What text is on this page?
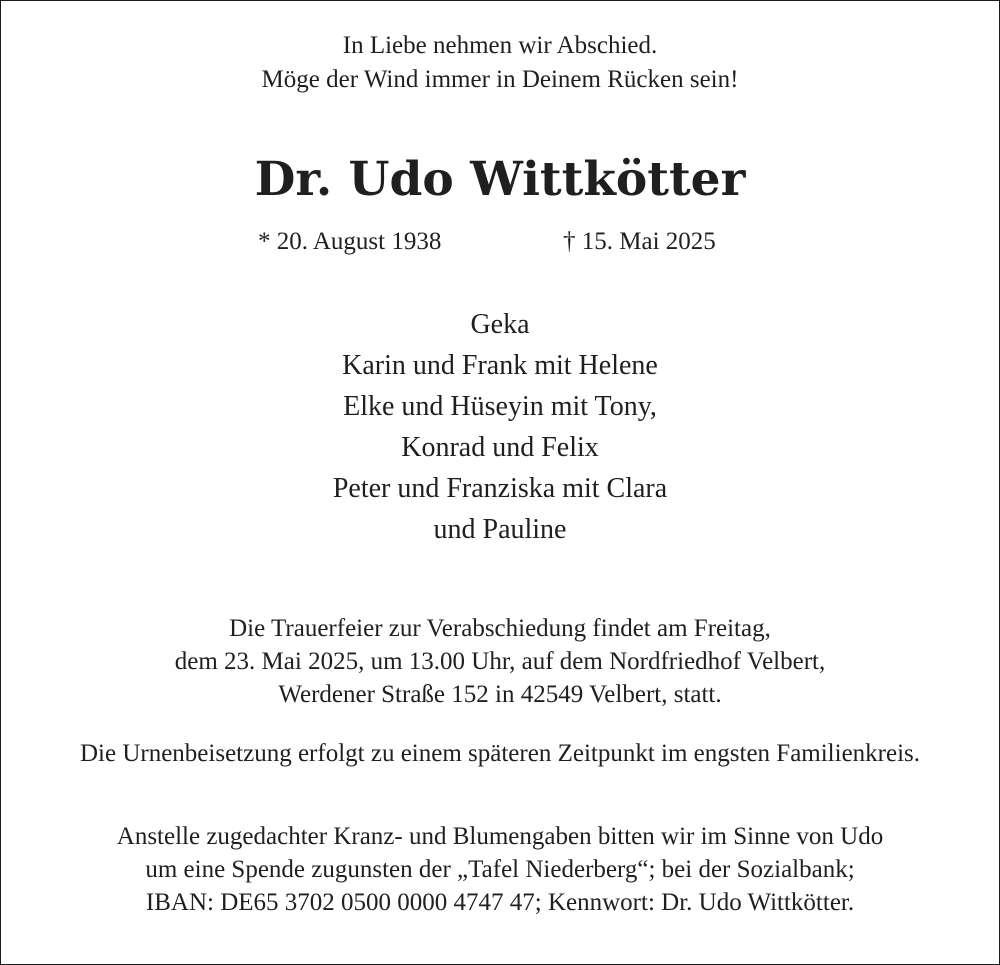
In Liebe nehmen wir Abschied.
Möge der Wind immer in Deinem Rücken sein!
Dr. Udo Wittkötter
* 20. August 1938	† 15. Mai 2025
Geka
Karin und Frank mit Helene
Elke und Hüseyin mit Tony,
Konrad und Felix
Peter und Franziska mit Clara
und Pauline
Die Trauerfeier zur Verabschiedung findet am Freitag,
dem 23. Mai 2025, um 13.00 Uhr, auf dem Nordfriedhof Velbert,
Werdener Straße 152 in 42549 Velbert, statt.
Die Urnenbeisetzung erfolgt zu einem späteren Zeitpunkt im engsten Familienkreis.
Anstelle zugedachter Kranz- und Blumengaben bitten wir im Sinne von Udo
um eine Spende zugunsten der „Tafel Niederberg“; bei der Sozialbank;
IBAN: DE65 3702 0500 0000 4747 47; Kennwort: Dr. Udo Wittkötter.
